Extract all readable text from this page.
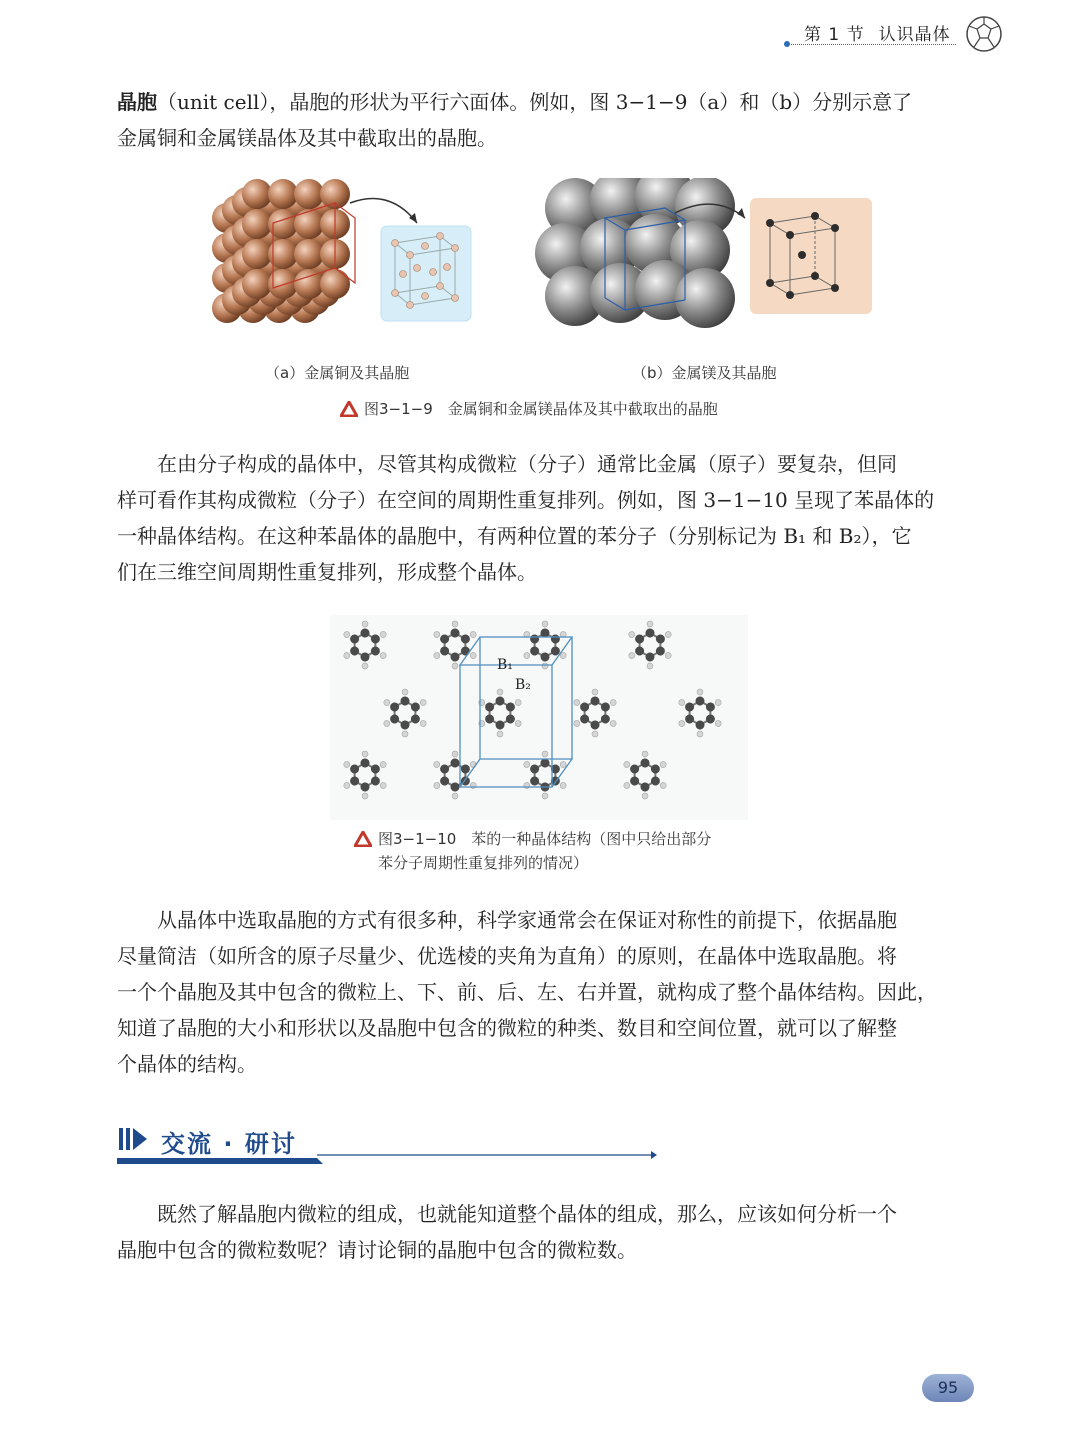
第 1 节 认识晶体
晶胞（unit cell），晶胞的形状为平行六面体。例如，图 3−1−9（a）和（b）分别示意了
金属铜和金属镁晶体及其中截取出的晶胞。
（a）金属铜及其晶胞	（b）金属镁及其晶胞
图3−1−9　金属铜和金属镁晶体及其中截取出的晶胞
　　在由分子构成的晶体中，尽管其构成微粒（分子）通常比金属（原子）要复杂，但同
样可看作其构成微粒（分子）在空间的周期性重复排列。例如，图 3−1−10 呈现了苯晶体的
一种晶体结构。在这种苯晶体的晶胞中，有两种位置的苯分子（分别标记为 B₁ 和 B₂），它
们在三维空间周期性重复排列，形成整个晶体。
B₁
B₂
图3−1−10　苯的一种晶体结构（图中只给出部分
苯分子周期性重复排列的情况）
　　从晶体中选取晶胞的方式有很多种，科学家通常会在保证对称性的前提下，依据晶胞
尽量简洁（如所含的原子尽量少、优选棱的夹角为直角）的原则，在晶体中选取晶胞。将
一个个晶胞及其中包含的微粒上、下、前、后、左、右并置，就构成了整个晶体结构。因此，
知道了晶胞的大小和形状以及晶胞中包含的微粒的种类、数目和空间位置，就可以了解整
个晶体的结构。
交流 · 研讨
　　既然了解晶胞内微粒的组成，也就能知道整个晶体的组成，那么，应该如何分析一个
晶胞中包含的微粒数呢？请讨论铜的晶胞中包含的微粒数。
95
